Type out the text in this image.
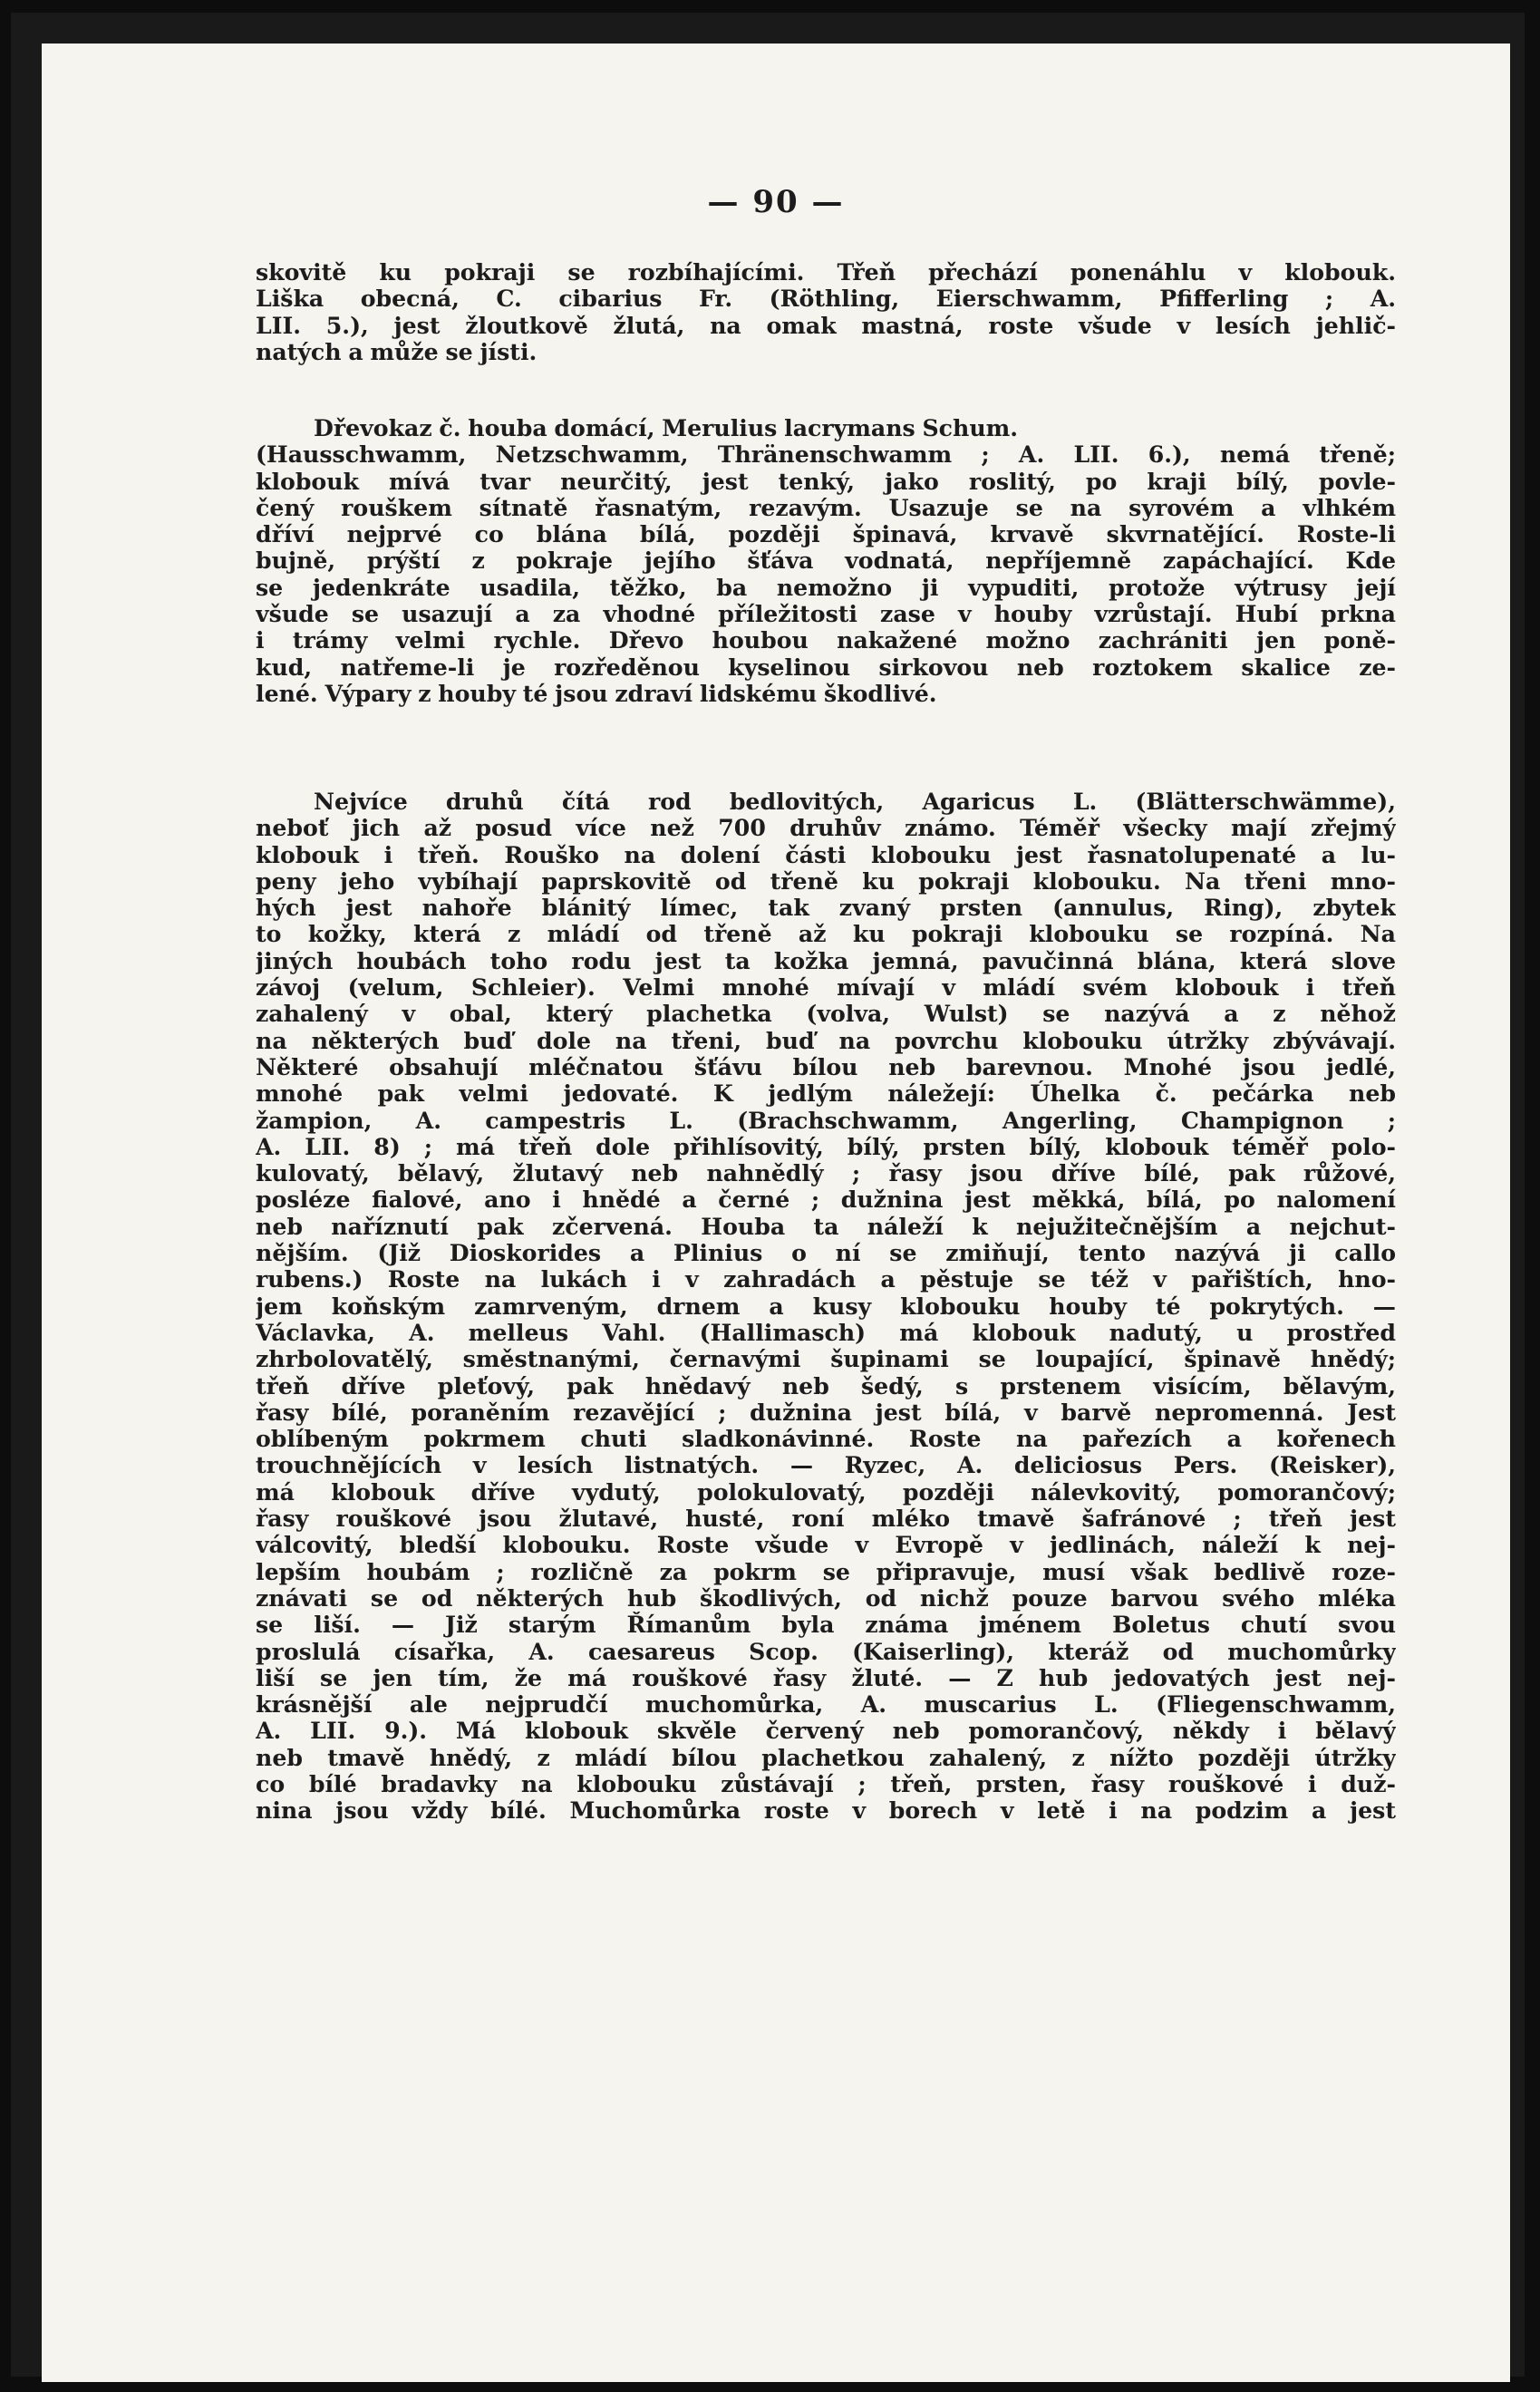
— 90 —
skovitě ku pokraji se rozbíhajícími. Třeň přechází ponenáhlu v klobouk.
Liška obecná, C. cibarius Fr. (Röthling, Eierschwamm, Pfifferling ; A.
LII. 5.), jest žloutkově žlutá, na omak mastná, roste všude v lesích jehlič-
natých a může se jísti.
Dřevokaz č. houba domácí, Merulius lacrymans Schum.
(Hausschwamm, Netzschwamm, Thränenschwamm ; A. LII. 6.), nemá třeně;
klobouk mívá tvar neurčitý, jest tenký, jako roslitý, po kraji bílý, povle-
čený rouškem sítnatě řasnatým, rezavým. Usazuje se na syrovém a vlhkém
dříví nejprvé co blána bílá, později špinavá, krvavě skvrnatějící. Roste-li
bujně, prýští z pokraje jejího šťáva vodnatá, nepříjemně zapáchající. Kde
se jedenkráte usadila, těžko, ba nemožno ji vypuditi, protože výtrusy její
všude se usazují a za vhodné příležitosti zase v houby vzrůstají. Hubí prkna
i trámy velmi rychle. Dřevo houbou nakažené možno zachrániti jen poně-
kud, natřeme-li je rozředěnou kyselinou sirkovou neb roztokem skalice ze-
lené. Výpary z houby té jsou zdraví lidskému škodlivé.
Nejvíce druhů čítá rod bedlovitých, Agaricus L. (Blätterschwämme),
neboť jich až posud více než 700 druhův známo. Téměř všecky mají zřejmý
klobouk i třeň. Rouško na dolení části klobouku jest řasnatolupenaté a lu-
peny jeho vybíhají paprskovitě od třeně ku pokraji klobouku. Na třeni mno-
hých jest nahoře blánitý límec, tak zvaný prsten (annulus, Ring), zbytek
to kožky, která z mládí od třeně až ku pokraji klobouku se rozpíná. Na
jiných houbách toho rodu jest ta kožka jemná, pavučinná blána, která slove
závoj (velum, Schleier). Velmi mnohé mívají v mládí svém klobouk i třeň
zahalený v obal, který plachetka (volva, Wulst) se nazývá a z něhož
na některých buď dole na třeni, buď na povrchu klobouku útržky zbývávají.
Některé obsahují mléčnatou šťávu bílou neb barevnou. Mnohé jsou jedlé,
mnohé pak velmi jedovaté. K jedlým náležejí: Úhelka č. pečárka neb
žampion, A. campestris L. (Brachschwamm, Angerling, Champignon ;
A. LII. 8) ; má třeň dole přihlísovitý, bílý, prsten bílý, klobouk téměř polo-
kulovatý, bělavý, žlutavý neb nahnědlý ; řasy jsou dříve bílé, pak růžové,
posléze fialové, ano i hnědé a černé ; dužnina jest měkká, bílá, po nalomení
neb naříznutí pak zčervená. Houba ta náleží k nejužitečnějším a nejchut-
nějším. (Již Dioskorides a Plinius o ní se zmiňují, tento nazývá ji callo
rubens.) Roste na lukách i v zahradách a pěstuje se též v pařištích, hno-
jem koňským zamrveným, drnem a kusy klobouku houby té pokrytých. —
Václavka, A. melleus Vahl. (Hallimasch) má klobouk nadutý, u prostřed
zhrbolovatělý, směstnanými, černavými šupinami se loupající, špinavě hnědý;
třeň dříve pleťový, pak hnědavý neb šedý, s prstenem visícím, bělavým,
řasy bílé, poraněním rezavějící ; dužnina jest bílá, v barvě nepromenná. Jest
oblíbeným pokrmem chuti sladkonávinné. Roste na pařezích a kořenech
trouchnějících v lesích listnatých. — Ryzec, A. deliciosus Pers. (Reisker),
má klobouk dříve vydutý, polokulovatý, později nálevkovitý, pomorančový;
řasy rouškové jsou žlutavé, husté, roní mléko tmavě šafránové ; třeň jest
válcovitý, bledší klobouku. Roste všude v Evropě v jedlinách, náleží k nej-
lepším houbám ; rozličně za pokrm se připravuje, musí však bedlivě roze-
znávati se od některých hub škodlivých, od nichž pouze barvou svého mléka
se liší. — Již starým Římanům byla známa jménem Boletus chutí svou
proslulá císařka, A. caesareus Scop. (Kaiserling), kteráž od muchomůrky
liší se jen tím, že má rouškové řasy žluté. — Z hub jedovatých jest nej-
krásnější ale nejprudčí muchomůrka, A. muscarius L. (Fliegenschwamm,
A. LII. 9.). Má klobouk skvěle červený neb pomorančový, někdy i bělavý
neb tmavě hnědý, z mládí bílou plachetkou zahalený, z nížto později útržky
co bílé bradavky na klobouku zůstávají ; třeň, prsten, řasy rouškové i duž-
nina jsou vždy bílé. Muchomůrka roste v borech v letě i na podzim a jest
